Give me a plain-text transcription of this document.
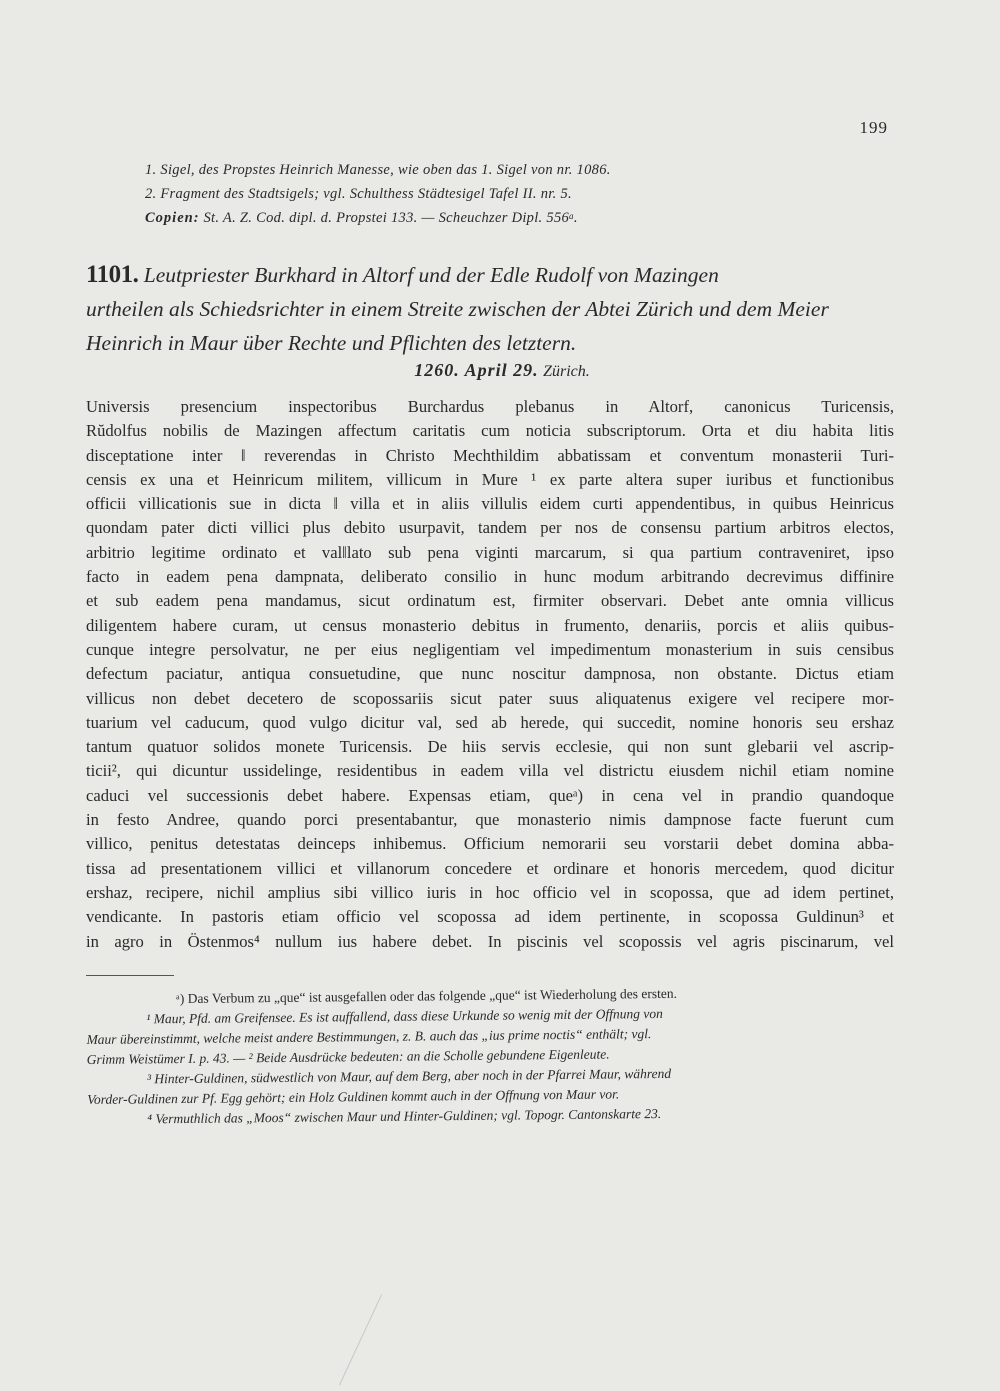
199
1. Sigel, des Propstes Heinrich Manesse, wie oben das 1. Sigel von nr. 1086.
2. Fragment des Stadtsigels; vgl. Schulthess Städtesigel Tafel II. nr. 5.
Copien: St. A. Z. Cod. dipl. d. Propstei 133. — Scheuchzer Dipl. 556$^a$.
1101. Leutpriester Burkhard in Altorf und der Edle Rudolf von Mazingen
urtheilen als Schiedsrichter in einem Streite zwischen der Abtei Zürich und dem Meier
Heinrich in Maur über Rechte und Pflichten des letztern.
1260. April 29. Zürich.
Universis presencium inspectoribus Burchardus plebanus in Altorf, canonicus Turicensis,
Rŭdolfus nobilis de Mazingen affectum caritatis cum noticia subscriptorum. Orta et diu habita litis
disceptatione inter ‖ reverendas in Christo Mechthildim abbatissam et conventum monasterii Turi-
censis ex una et Heinricum militem, villicum in Mure ¹ ex parte altera super iuribus et functionibus
officii villicationis sue in dicta ‖ villa et in aliis villulis eidem curti appendentibus, in quibus Heinricus
quondam pater dicti villici plus debito usurpavit, tandem per nos de consensu partium arbitros electos,
arbitrio legitime ordinato et val‖lato sub pena viginti marcarum, si qua partium contraveniret, ipso
facto in eadem pena dampnata, deliberato consilio in hunc modum arbitrando decrevimus diffinire
et sub eadem pena mandamus, sicut ordinatum est, firmiter observari. Debet ante omnia villicus
diligentem habere curam, ut census monasterio debitus in frumento, denariis, porcis et aliis quibus-
cunque integre persolvatur, ne per eius negligentiam vel impedimentum monasterium in suis censibus
defectum paciatur, antiqua consuetudine, que nunc noscitur dampnosa, non obstante. Dictus etiam
villicus non debet decetero de scopossariis sicut pater suus aliquatenus exigere vel recipere mor-
tuarium vel caducum, quod vulgo dicitur val, sed ab herede, qui succedit, nomine honoris seu ershaz
tantum quatuor solidos monete Turicensis. De hiis servis ecclesie, qui non sunt glebarii vel ascrip-
ticii², qui dicuntur ussidelinge, residentibus in eadem villa vel districtu eiusdem nichil etiam nomine
caduci vel successionis debet habere. Expensas etiam, queᵃ) in cena vel in prandio quandoque
in festo Andree, quando porci presentabantur, que monasterio nimis dampnose facte fuerunt cum
villico, penitus detestatas deinceps inhibemus. Officium nemorarii seu vorstarii debet domina abba-
tissa ad presentationem villici et villanorum concedere et ordinare et honoris mercedem, quod dicitur
ershaz, recipere, nichil amplius sibi villico iuris in hoc officio vel in scopossa, que ad idem pertinet,
vendicante. In pastoris etiam officio vel scopossa ad idem pertinente, in scopossa Guldinun³ et
in agro in Östenmos⁴ nullum ius habere debet. In piscinis vel scopossis vel agris piscinarum, vel
ᵃ) Das Verbum zu „que“ ist ausgefallen oder das folgende „que“ ist Wiederholung des ersten.
¹ Maur, Pfd. am Greifensee. Es ist auffallend, dass diese Urkunde so wenig mit der Offnung von
Maur übereinstimmt, welche meist andere Bestimmungen, z. B. auch das „ius prime noctis“ enthält; vgl.
Grimm Weistümer I. p. 43. — ² Beide Ausdrücke bedeuten: an die Scholle gebundene Eigenleute.
³ Hinter-Guldinen, südwestlich von Maur, auf dem Berg, aber noch in der Pfarrei Maur, während
Vorder-Guldinen zur Pf. Egg gehört; ein Holz Guldinen kommt auch in der Offnung von Maur vor.
⁴ Vermuthlich das „Moos“ zwischen Maur und Hinter-Guldinen; vgl. Topogr. Cantonskarte 23.
